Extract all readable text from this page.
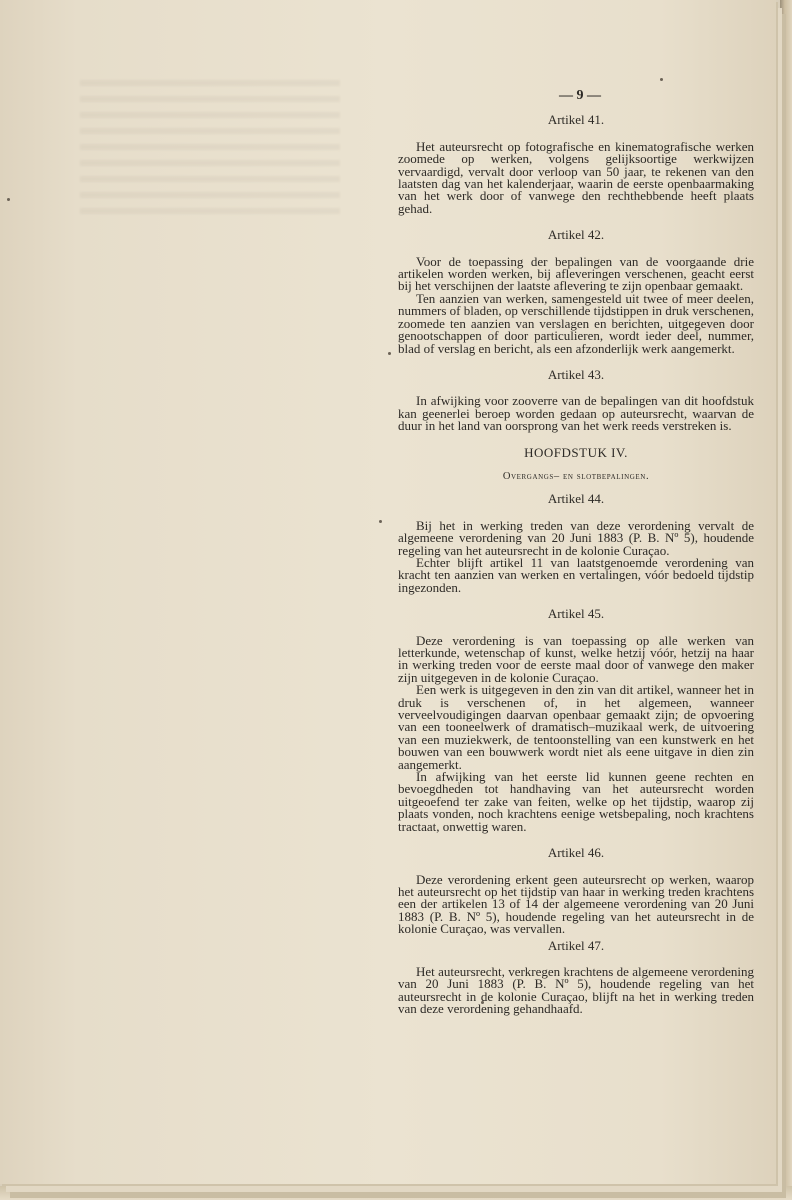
— 9 —
Artikel 41.

Het auteursrecht op fotografische en kinematografische werken zoomede op werken, volgens gelijksoortige werkwijzen vervaardigd, vervalt door verloop van 50 jaar, te rekenen van den laatsten dag van het kalenderjaar, waarin de eerste openbaarmaking van het werk door of vanwege den rechthebbende heeft plaats gehad.

Artikel 42.

Voor de toepassing der bepalingen van de voorgaande drie artikelen worden werken, bij afleveringen verschenen, geacht eerst bij het verschijnen der laatste aflevering te zijn openbaar gemaakt.

Ten aanzien van werken, samengesteld uit twee of meer deelen, nummers of bladen, op verschillende tijdstippen in druk verschenen, zoomede ten aanzien van verslagen en berichten, uitgegeven door genootschappen of door particulieren, wordt ieder deel, nummer, blad of verslag en bericht, als een afzonderlijk werk aangemerkt.

Artikel 43.

In afwijking voor zooverre van de bepalingen van dit hoofdstuk kan geenerlei beroep worden gedaan op auteursrecht, waarvan de duur in het land van oorsprong van het werk reeds verstreken is.

HOOFDSTUK IV.
Overgangs– en slotbepalingen.
Artikel 44.

Bij het in werking treden van deze verordening vervalt de algemeene verordening van 20 Juni 1883 (P. B. Nº 5), houdende regeling van het auteursrecht in de kolonie Curaçao.

Echter blijft artikel 11 van laatstgenoemde verordening van kracht ten aanzien van werken en vertalingen, vóór bedoeld tijdstip ingezonden.

Artikel 45.

Deze verordening is van toepassing op alle werken van letterkunde, wetenschap of kunst, welke hetzij vóór, hetzij na haar in werking treden voor de eerste maal door of vanwege den maker zijn uitgegeven in de kolonie Curaçao.

Een werk is uitgegeven in den zin van dit artikel, wanneer het in druk is verschenen of, in het algemeen, wanneer verveelvoudigingen daarvan openbaar gemaakt zijn; de opvoering van een tooneelwerk of dramatisch–muzikaal werk, de uitvoering van een muziekwerk, de tentoonstelling van een kunstwerk en het bouwen van een bouwwerk wordt niet als eene uitgave in dien zin aangemerkt.

In afwijking van het eerste lid kunnen geene rechten en bevoegdheden tot handhaving van het auteursrecht worden uitgeoefend ter zake van feiten, welke op het tijdstip, waarop zij plaats vonden, noch krachtens eenige wetsbepaling, noch krachtens tractaat, onwettig waren.

Artikel 46.

Deze verordening erkent geen auteursrecht op werken, waarop het auteursrecht op het tijdstip van haar in werking treden krachtens een der artikelen 13 of 14 der algemeene verordening van 20 Juni 1883 (P. B. Nº 5), houdende regeling van het auteursrecht in de kolonie Curaçao, was vervallen.

Artikel 47.

Het auteursrecht, verkregen krachtens de algemeene verordening van 20 Juni 1883 (P. B. Nº 5), houdende regeling van het auteursrecht in de kolonie Curaçao, blijft na het in werking treden van deze verordening gehandhaafd.
